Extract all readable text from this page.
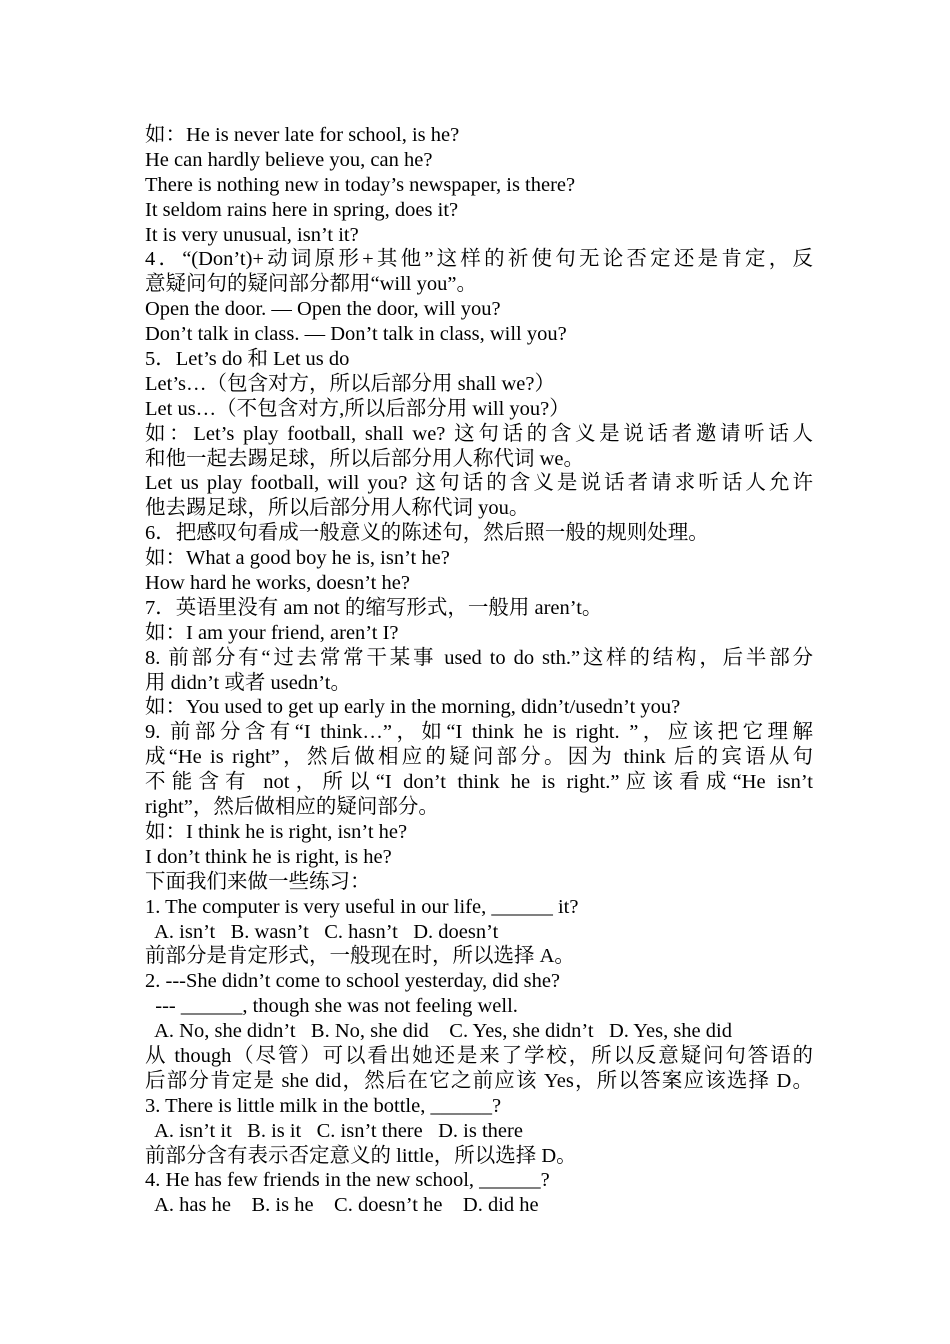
如：He is never late for school, is he?
He can hardly believe you, can he?
There is nothing new in today’s newspaper, is there?
It seldom rains here in spring, does it?
It is very unusual, isn’t it?
4．“(Don’t)+动词原形+其他”这样的祈使句无论否定还是肯定，反
意疑问句的疑问部分都用“will you”。
Open the door. — Open the door, will you?
Don’t talk in class. — Don’t talk in class, will you?
5．Let’s do 和 Let us do
Let’s…（包含对方，所以后部分用 shall we?）
Let us…（不包含对方,所以后部分用 will you?）
如：Let’s play football, shall we? 这句话的含义是说话者邀请听话人
和他一起去踢足球，所以后部分用人称代词 we。
Let us play football, will you? 这句话的含义是说话者请求听话人允许
他去踢足球，所以后部分用人称代词 you。
6．把感叹句看成一般意义的陈述句，然后照一般的规则处理。
如：What a good boy he is, isn’t he?
How hard he works, doesn’t he?
7．英语里没有 am not 的缩写形式，一般用 aren’t。
如：I am your friend, aren’t I?
8. 前部分有“过去常常干某事 used to do sth.”这样的结构，后半部分
用 didn’t 或者 usedn’t。
如：You used to get up early in the morning, didn’t/usedn’t you?
9. 前部分含有“I think…”，如“I think he is right. ”，应该把它理解
成“He is right”，然后做相应的疑问部分。因为 think 后的宾语从句
不能含有 not，所以“I don’t think he is right.”应该看成“He isn’t
right”，然后做相应的疑问部分。
如：I think he is right, isn’t he?
I don’t think he is right, is he?
下面我们来做一些练习：
1. The computer is very useful in our life, ______ it?
A. isn’t   B. wasn’t   C. hasn’t   D. doesn’t
前部分是肯定形式，一般现在时，所以选择 A。
2. ---She didn’t come to school yesterday, did she?
--- ______, though she was not feeling well.
A. No, she didn’t   B. No, she did    C. Yes, she didn’t   D. Yes, she did
从 though（尽管）可以看出她还是来了学校，所以反意疑问句答语的
后部分肯定是 she did，然后在它之前应该 Yes，所以答案应该选择 D。
3. There is little milk in the bottle, ______?
A. isn’t it   B. is it   C. isn’t there   D. is there
前部分含有表示否定意义的 little，所以选择 D。
4. He has few friends in the new school, ______?
A. has he    B. is he    C. doesn’t he    D. did he
